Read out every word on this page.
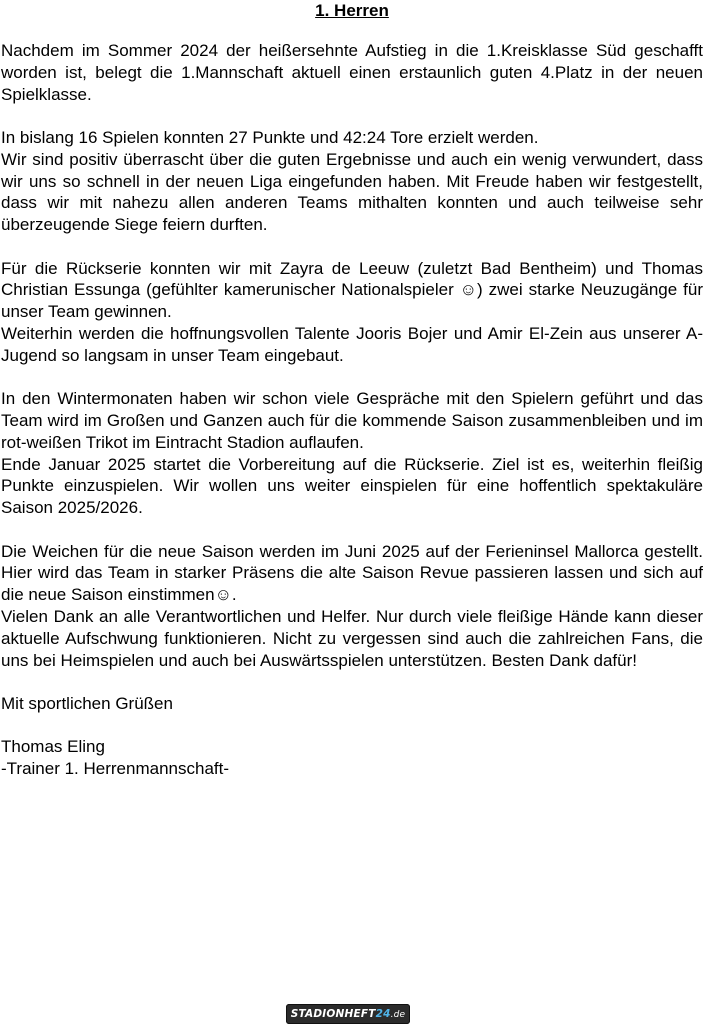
1. Herren

Nachdem im Sommer 2024 der heißersehnte Aufstieg in die 1.Kreisklasse Süd geschafft worden ist, belegt die 1.Mannschaft aktuell einen erstaunlich guten 4.Platz in der neuen Spielklasse.

In bislang 16 Spielen konnten 27 Punkte und 42:24 Tore erzielt werden.
Wir sind positiv überrascht über die guten Ergebnisse und auch ein wenig verwundert, dass wir uns so schnell in der neuen Liga eingefunden haben. Mit Freude haben wir festgestellt, dass wir mit nahezu allen anderen Teams mithalten konnten und auch teilweise sehr überzeugende Siege feiern durften.

Für die Rückserie konnten wir mit Zayra de Leeuw (zuletzt Bad Bentheim) und Thomas Christian Essunga (gefühlter kamerunischer Nationalspieler ☺) zwei starke Neuzugänge für unser Team gewinnen.
Weiterhin werden die hoffnungsvollen Talente Jooris Bojer und Amir El-Zein aus unserer A-Jugend so langsam in unser Team eingebaut.

In den Wintermonaten haben wir schon viele Gespräche mit den Spielern geführt und das Team wird im Großen und Ganzen auch für die kommende Saison zusammenbleiben und im rot-weißen Trikot im Eintracht Stadion auflaufen.
Ende Januar 2025 startet die Vorbereitung auf die Rückserie. Ziel ist es, weiterhin fleißig Punkte einzuspielen. Wir wollen uns weiter einspielen für eine hoffentlich spektakuläre Saison 2025/2026.

Die Weichen für die neue Saison werden im Juni 2025 auf der Ferieninsel Mallorca gestellt. Hier wird das Team in starker Präsens die alte Saison Revue passieren lassen und sich auf die neue Saison einstimmen☺.
Vielen Dank an alle Verantwortlichen und Helfer. Nur durch viele fleißige Hände kann dieser aktuelle Aufschwung funktionieren. Nicht zu vergessen sind auch die zahlreichen Fans, die uns bei Heimspielen und auch bei Auswärtsspielen unterstützen. Besten Dank dafür!

Mit sportlichen Grüßen

Thomas Eling
-Trainer 1. Herrenmannschaft-

STADIONHEFT24.de
